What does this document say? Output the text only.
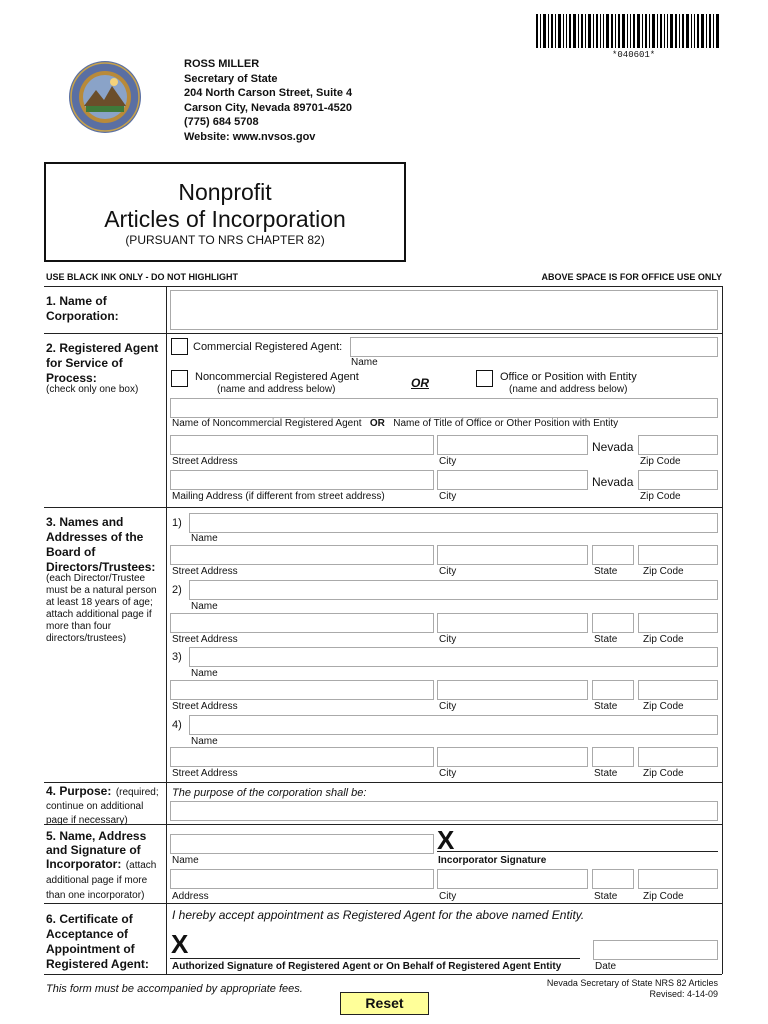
*040601*
ROSS MILLER
Secretary of State
204 North Carson Street, Suite 4
Carson City, Nevada 89701-4520
(775) 684 5708
Website: www.nvsos.gov
Nonprofit
Articles of Incorporation
(PURSUANT TO NRS CHAPTER 82)
USE BLACK INK ONLY - DO NOT HIGHLIGHT	ABOVE SPACE IS FOR OFFICE USE ONLY
1. Name of Corporation:
2. Registered Agent for Service of Process:
(check only one box)
Commercial Registered Agent:
Name
Noncommercial Registered Agent
(name and address below)	OR	Office or Position with Entity
(name and address below)
Name of Noncommercial Registered Agent OR Name of Title of Office or Other Position with Entity
Nevada
Street Address	City	Zip Code
Nevada
Mailing Address (if different from street address)	City	Zip Code
3. Names and Addresses of the Board of Directors/Trustees:
(each Director/Trustee must be a natural person at least 18 years of age; attach additional page if more than four directors/trustees)
1)
Name
Street Address	City	State	Zip Code
2)
Name
Street Address	City	State	Zip Code
3)
Name
Street Address	City	State	Zip Code
4)
Name
Street Address	City	State	Zip Code
4. Purpose: (required; continue on additional page if necessary)
The purpose of the corporation shall be:
5. Name, Address and Signature of Incorporator: (attach additional page if more than one incorporator)
Name
X
Incorporator Signature
Address	City	State	Zip Code
6. Certificate of Acceptance of Appointment of Registered Agent:
I hereby accept appointment as Registered Agent for the above named Entity.
X
Authorized Signature of Registered Agent or On Behalf of Registered Agent Entity	Date
This form must be accompanied by appropriate fees.	Nevada Secretary of State NRS 82 Articles
Revised: 4-14-09
Reset
